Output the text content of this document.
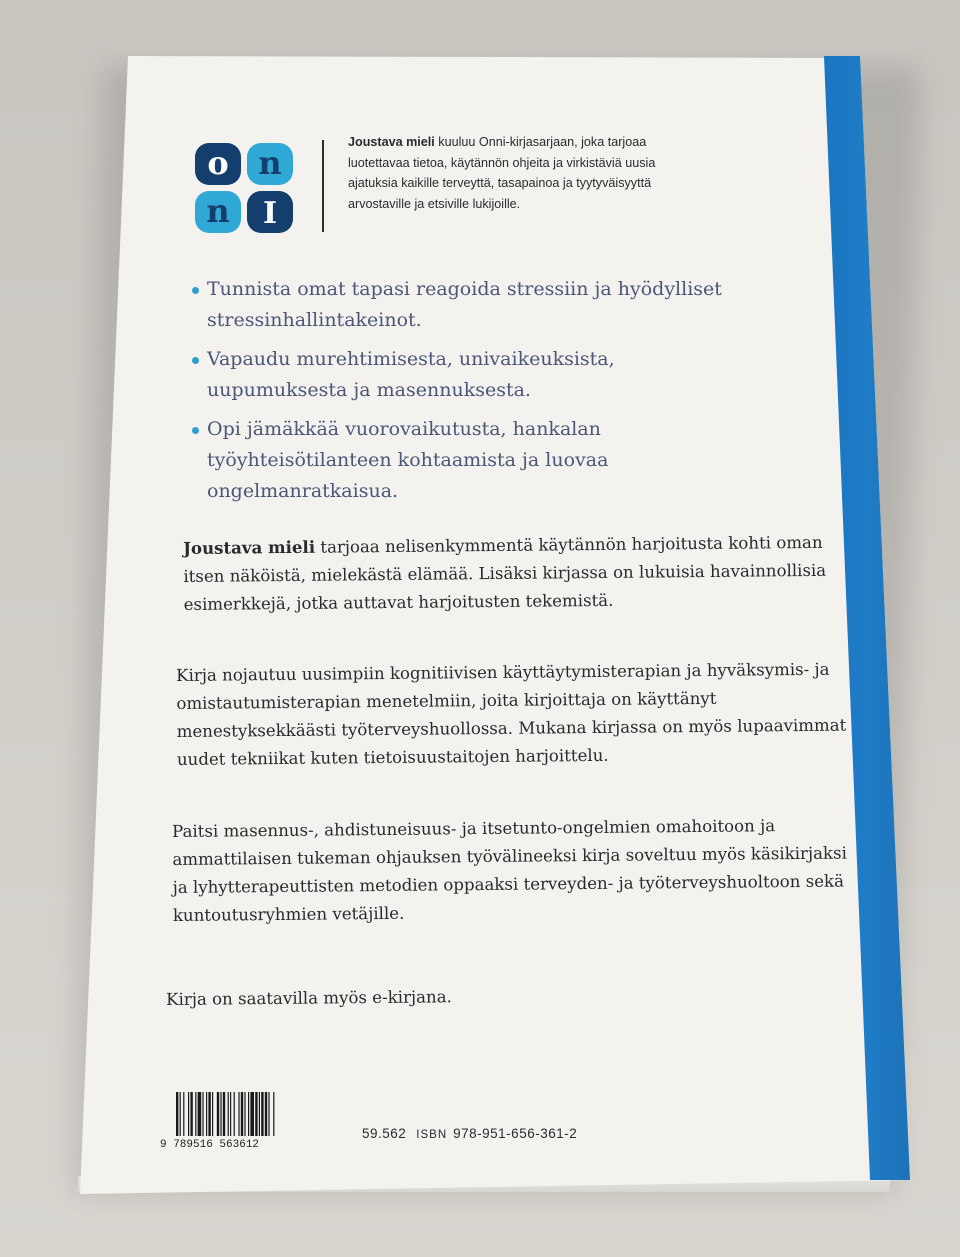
o n
n I
Joustava mieli kuuluu Onni-kirjasarjaan, joka tarjoaa luotettavaa tietoa, käytännön ohjeita ja virkistäviä uusia ajatuksia kaikille terveyttä, tasapainoa ja tyytyväisyyttä arvostaville ja etsiville lukijoille.
Tunnista omat tapasi reagoida stressiin ja hyödylliset stressinhallintakeinot.
Vapaudu murehtimisesta, univaikeuksista, uupumuksesta ja masennuksesta.
Opi jämäkkää vuorovaikutusta, hankalan työyhteisötilanteen kohtaamista ja luovaa ongelmanratkaisua.
Joustava mieli tarjoaa nelisenkymmentä käytännön harjoitusta kohti oman itsen näköistä, mielekästä elämää. Lisäksi kirjassa on lukuisia havainnollisia esimerkkejä, jotka auttavat harjoitusten tekemistä.
Kirja nojautuu uusimpiin kognitiivisen käyttäytymisterapian ja hyväksymis- ja omistautumisterapian menetelmiin, joita kirjoittaja on käyttänyt menestyksekkäästi työterveyshuollossa. Mukana kirjassa on myös lupaavimmat uudet tekniikat kuten tietoisuustaitojen harjoittelu.
Paitsi masennus-, ahdistuneisuus- ja itsetunto-ongelmien omahoitoon ja ammattilaisen tukeman ohjauksen työvälineeksi kirja soveltuu myös käsikirjaksi ja lyhytterapeuttisten metodien oppaaksi terveyden- ja työterveyshuoltoon sekä kuntoutusryhmien vetäjille.
Kirja on saatavilla myös e-kirjana.
9 789516 563612
59.562 ISBN 978-951-656-361-2
